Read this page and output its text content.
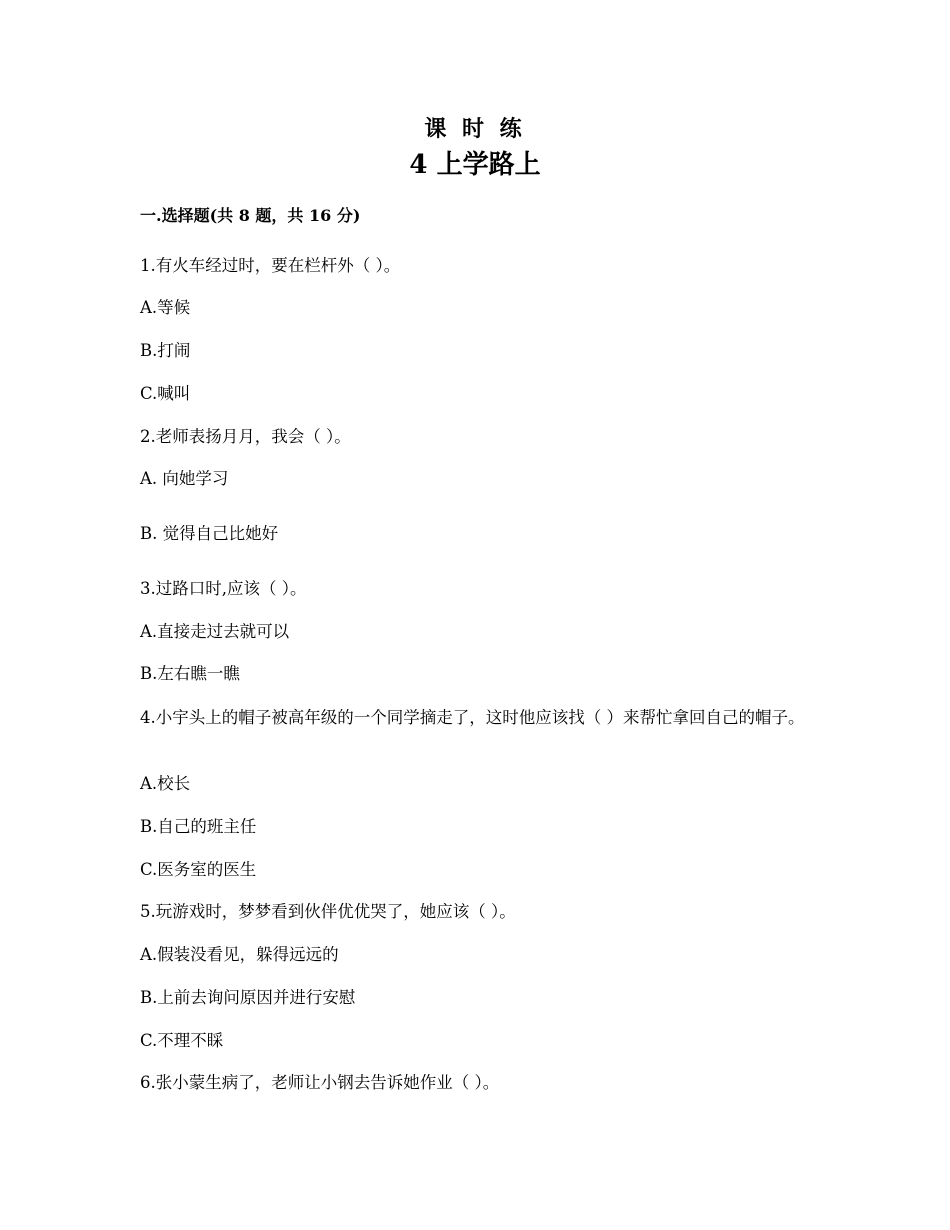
课 时 练
4 上学路上
一.选择题(共 8 题，共 16 分)
1.有火车经过时，要在栏杆外（ ）。
A.等候
B.打闹
C.喊叫
2.老师表扬月月，我会（ ）。
A. 向她学习
B. 觉得自己比她好
3.过路口时,应该（ ）。
A.直接走过去就可以
B.左右瞧一瞧
4.小宇头上的帽子被高年级的一个同学摘走了，这时他应该找（ ）来帮忙拿回自己的帽子。
A.校长
B.自己的班主任
C.医务室的医生
5.玩游戏时，梦梦看到伙伴优优哭了，她应该（ ）。
A.假装没看见，躲得远远的
B.上前去询问原因并进行安慰
C.不理不睬
6.张小蒙生病了，老师让小钢去告诉她作业（ ）。
